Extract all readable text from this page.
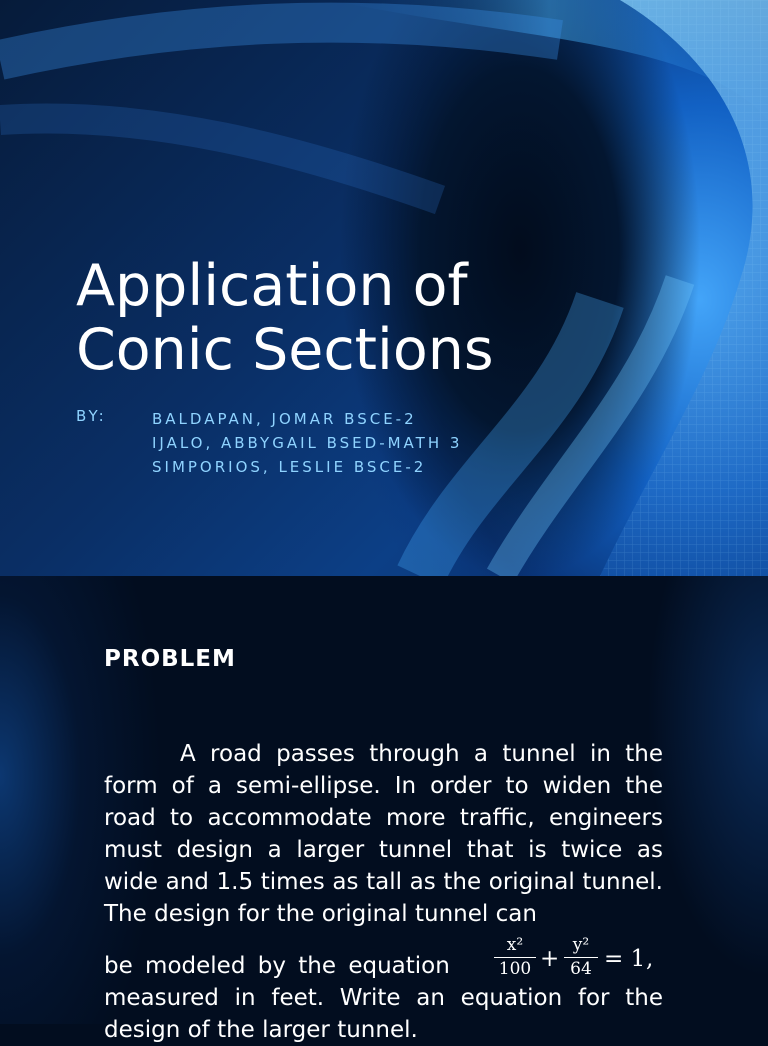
Application of
Conic Sections
BY:	BALDAPAN, JOMAR BSCE-2
IJALO, ABBYGAIL BSED-MATH 3
SIMPORIOS, LESLIE BSCE-2
PROBLEM
A road passes through a tunnel in the form of a semi-ellipse. In order to widen the road to accommodate more traffic, engineers must design a larger tunnel that is twice as wide and 1.5 times as tall as the original tunnel. The design for the original tunnel can
be modeled by the equation	$\frac{\text{x²}}{100} + \frac{\text{y²}}{64} = 1$ ,
measured in feet. Write an equation for the design of the larger tunnel.
